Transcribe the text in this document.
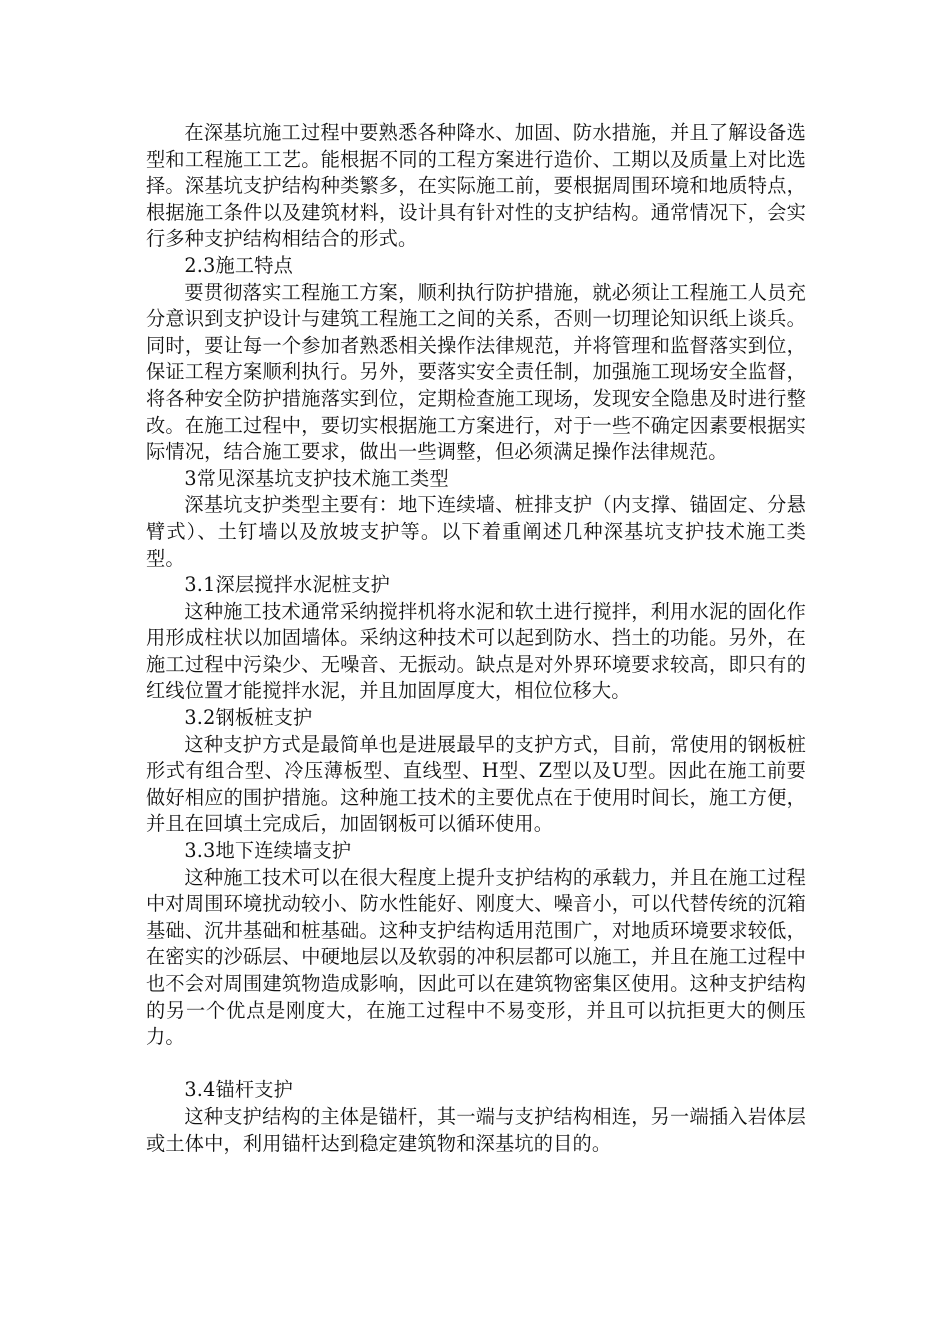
在深基坑施工过程中要熟悉各种降水、加固、防水措施，并且了解设备选型和工程施工工艺。能根据不同的工程方案进行造价、工期以及质量上对比选择。深基坑支护结构种类繁多，在实际施工前，要根据周围环境和地质特点，根据施工条件以及建筑材料，设计具有针对性的支护结构。通常情况下，会实行多种支护结构相结合的形式。

2.3施工特点

要贯彻落实工程施工方案，顺利执行防护措施，就必须让工程施工人员充分意识到支护设计与建筑工程施工之间的关系，否则一切理论知识纸上谈兵。同时，要让每一个参加者熟悉相关操作法律规范，并将管理和监督落实到位，保证工程方案顺利执行。另外，要落实安全责任制，加强施工现场安全监督，将各种安全防护措施落实到位，定期检查施工现场，发现安全隐患及时进行整改。在施工过程中，要切实根据施工方案进行，对于一些不确定因素要根据实际情况，结合施工要求，做出一些调整，但必须满足操作法律规范。

3常见深基坑支护技术施工类型

深基坑支护类型主要有：地下连续墙、桩排支护（内支撑、锚固定、分悬臂式）、土钉墙以及放坡支护等。以下着重阐述几种深基坑支护技术施工类型。

3.1深层搅拌水泥桩支护

这种施工技术通常采纳搅拌机将水泥和软土进行搅拌，利用水泥的固化作用形成柱状以加固墙体。采纳这种技术可以起到防水、挡土的功能。另外，在施工过程中污染少、无噪音、无振动。缺点是对外界环境要求较高，即只有的红线位置才能搅拌水泥，并且加固厚度大，相位位移大。

3.2钢板桩支护

这种支护方式是最简单也是进展最早的支护方式，目前，常使用的钢板桩形式有组合型、冷压薄板型、直线型、H型、Z型以及U型。因此在施工前要做好相应的围护措施。这种施工技术的主要优点在于使用时间长，施工方便，并且在回填土完成后，加固钢板可以循环使用。

3.3地下连续墙支护

这种施工技术可以在很大程度上提升支护结构的承载力，并且在施工过程中对周围环境扰动较小、防水性能好、刚度大、噪音小，可以代替传统的沉箱基础、沉井基础和桩基础。这种支护结构适用范围广，对地质环境要求较低，在密实的沙砾层、中硬地层以及软弱的冲积层都可以施工，并且在施工过程中也不会对周围建筑物造成影响，因此可以在建筑物密集区使用。这种支护结构的另一个优点是刚度大，在施工过程中不易变形，并且可以抗拒更大的侧压力。

3.4锚杆支护

这种支护结构的主体是锚杆，其一端与支护结构相连，另一端插入岩体层或土体中，利用锚杆达到稳定建筑物和深基坑的目的。
